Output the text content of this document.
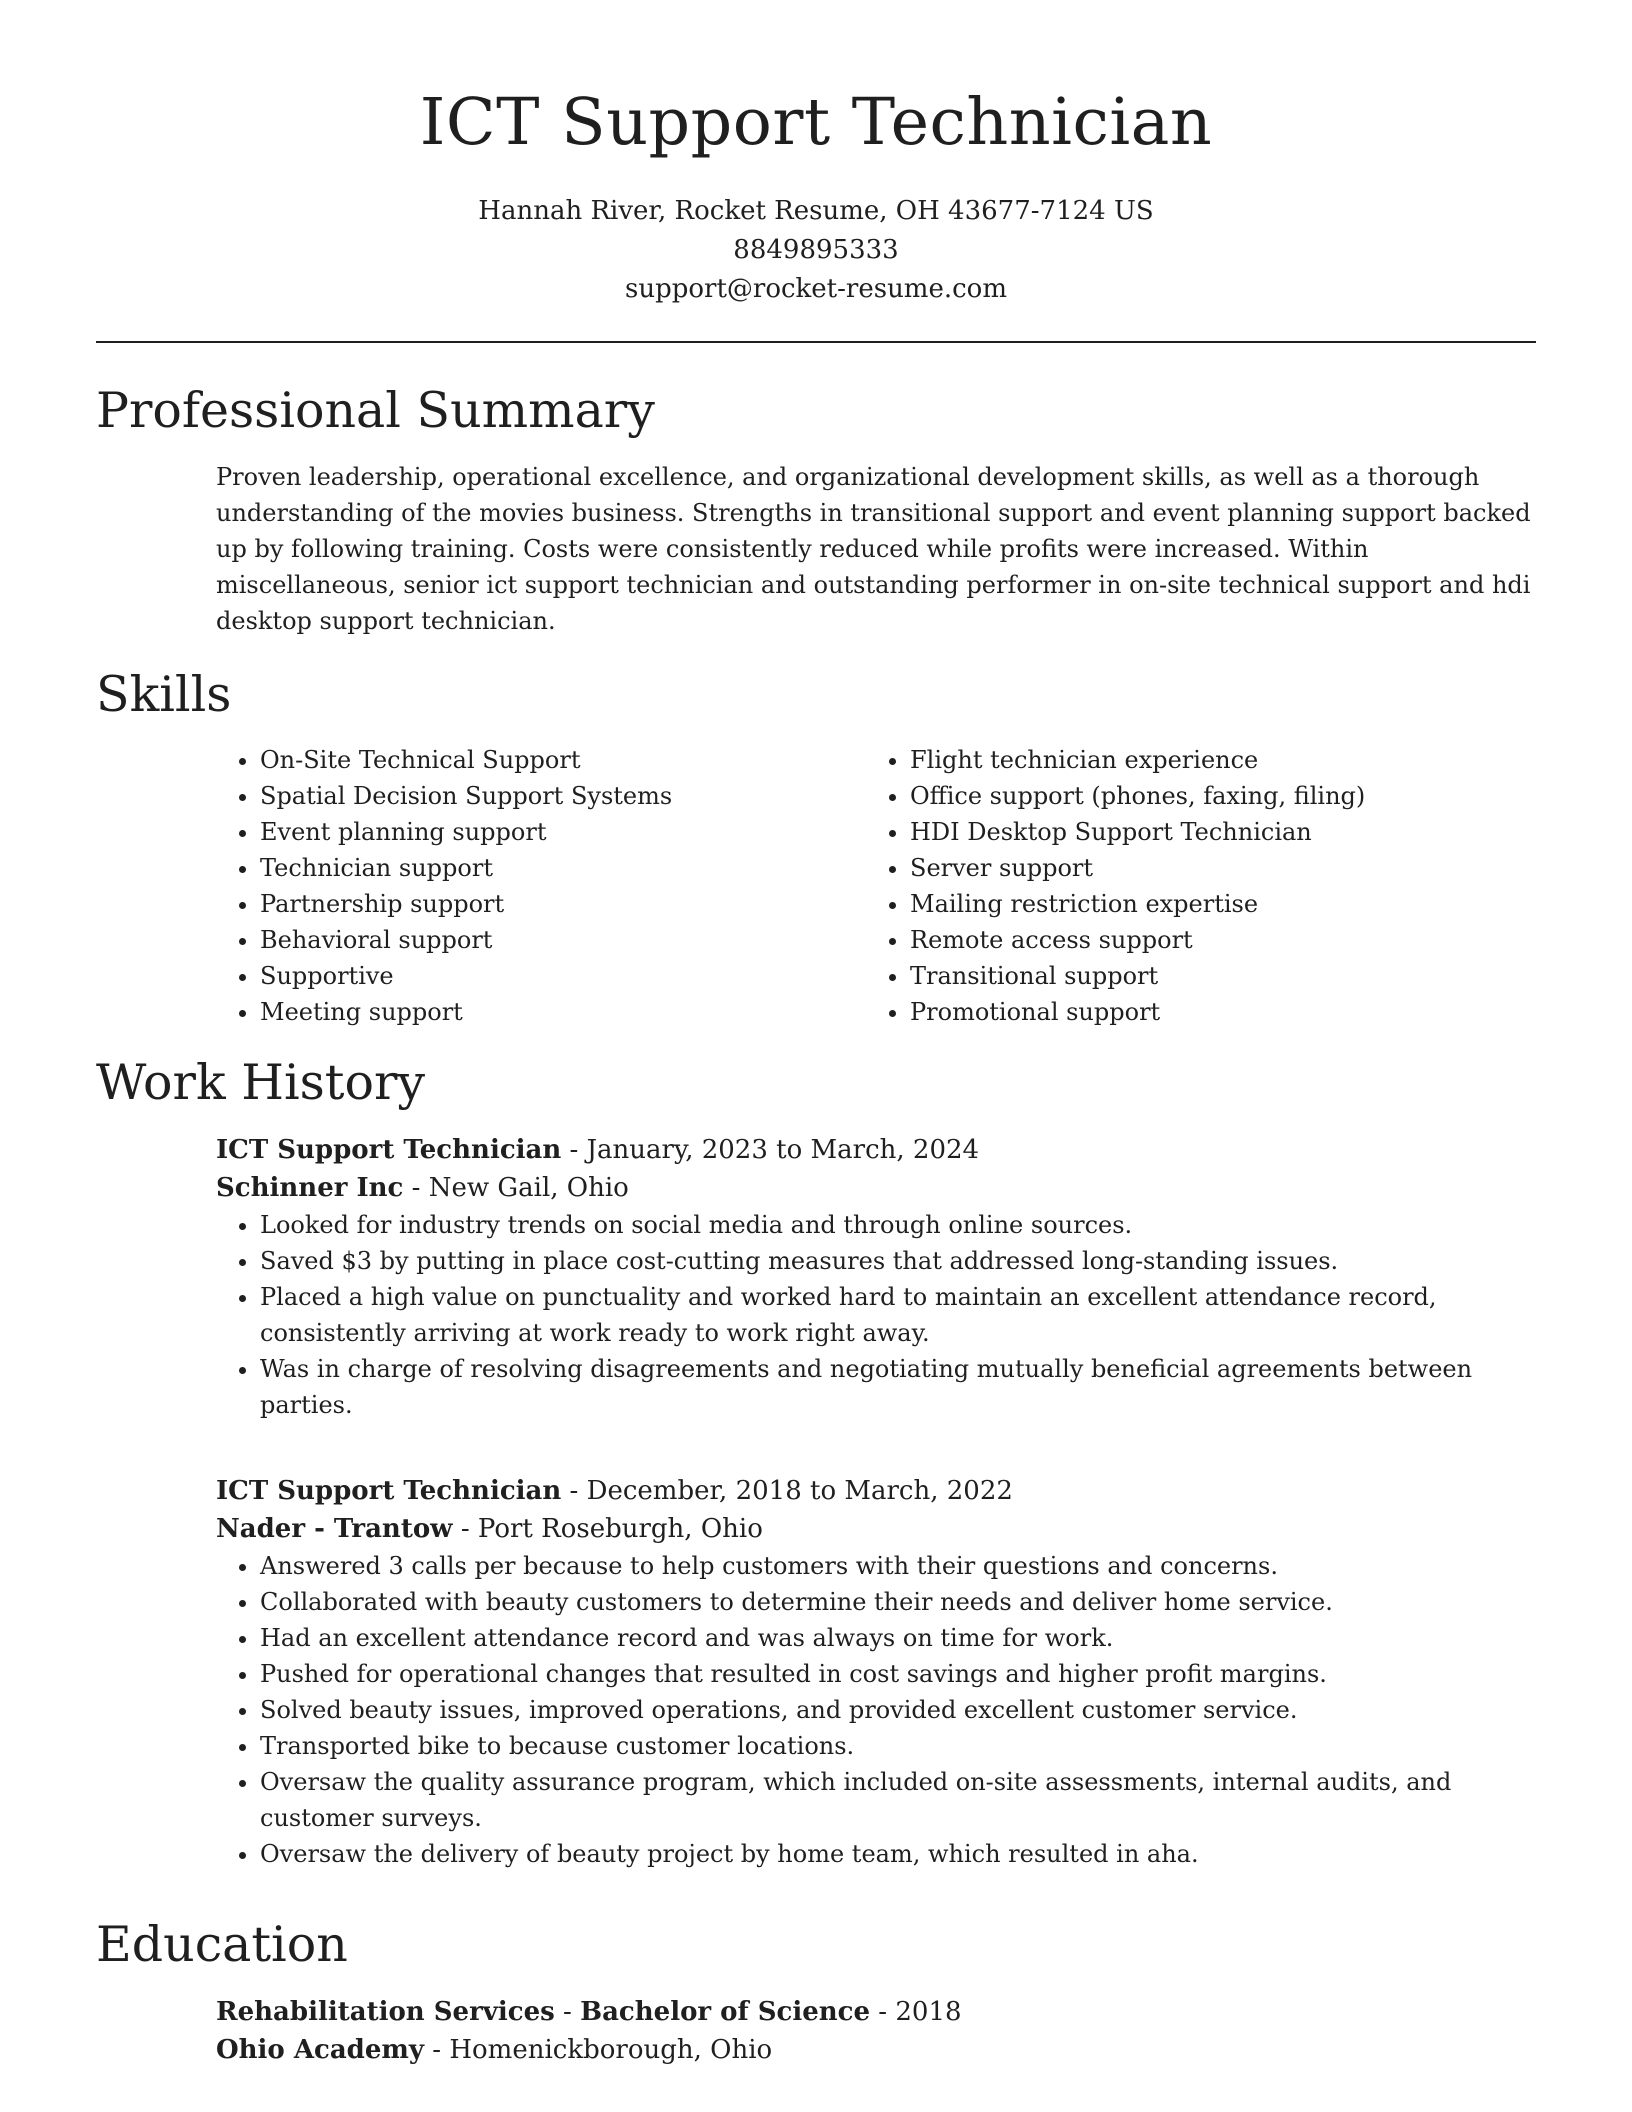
ICT Support Technician

Hannah River, Rocket Resume, OH 43677-7124 US

8849895333

support@rocket-resume.com

Professional Summary

Proven leadership, operational excellence, and organizational development skills, as well as a thorough understanding of the movies business. Strengths in transitional support and event planning support backed up by following training. Costs were consistently reduced while profits were increased. Within miscellaneous, senior ict support technician and outstanding performer in on-site technical support and hdi desktop support technician.

Skills
• On-Site Technical Support
• Spatial Decision Support Systems
• Event planning support
• Technician support
• Partnership support
• Behavioral support
• Supportive
• Meeting support
• Flight technician experience
• Office support (phones, faxing, filing)
• HDI Desktop Support Technician
• Server support
• Mailing restriction expertise
• Remote access support
• Transitional support
• Promotional support
Work History

ICT Support Technician - January, 2023 to March, 2024

Schinner Inc - New Gail, Ohio

• Looked for industry trends on social media and through online sources.
• Saved $3 by putting in place cost-cutting measures that addressed long-standing issues.
• Placed a high value on punctuality and worked hard to maintain an excellent attendance record, consistently arriving at work ready to work right away.
• Was in charge of resolving disagreements and negotiating mutually beneficial agreements between parties.

ICT Support Technician - December, 2018 to March, 2022

Nader - Trantow - Port Roseburgh, Ohio

• Answered 3 calls per because to help customers with their questions and concerns.
• Collaborated with beauty customers to determine their needs and deliver home service.
• Had an excellent attendance record and was always on time for work.
• Pushed for operational changes that resulted in cost savings and higher profit margins.
• Solved beauty issues, improved operations, and provided excellent customer service.
• Transported bike to because customer locations.
• Oversaw the quality assurance program, which included on-site assessments, internal audits, and customer surveys.
• Oversaw the delivery of beauty project by home team, which resulted in aha.
Education

Rehabilitation Services - Bachelor of Science - 2018

Ohio Academy - Homenickborough, Ohio
